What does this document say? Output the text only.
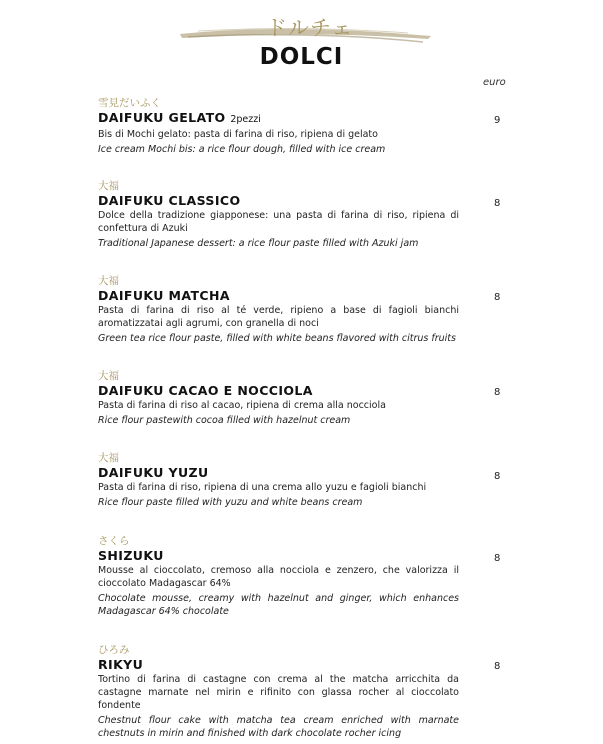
ドルチェ
DOLCI
euro
雪見だいふく
DAIFUKU GELATO 2pezzi
Bis di Mochi gelato: pasta di farina di riso, ripiena di gelato
Ice cream Mochi bis: a rice flour dough, filled with ice cream
9
大福
DAIFUKU CLASSICO
Dolce della tradizione giapponese: una pasta di farina di riso, ripiena di confettura di Azuki
Traditional Japanese dessert: a rice flour paste filled with Azuki jam
8
大福
DAIFUKU MATCHA
Pasta di farina di riso al té verde, ripieno a base di fagioli bianchi aromatizzatai agli agrumi, con granella di noci
Green tea rice flour paste, filled with white beans flavored with citrus fruits
8
大福
DAIFUKU CACAO E NOCCIOLA
Pasta di farina di riso al cacao, ripiena di crema alla nocciola
Rice flour pastewith cocoa filled with hazelnut cream
8
大福
DAIFUKU YUZU
Pasta di farina di riso, ripiena di una crema allo yuzu e fagioli bianchi
Rice flour paste filled with yuzu and white beans cream
8
さくら
SHIZUKU
Mousse al cioccolato, cremoso alla nocciola e zenzero, che valorizza il cioccolato Madagascar 64%
Chocolate mousse, creamy with hazelnut and ginger, which enhances Madagascar 64% chocolate
8
ひろみ
RIKYU
Tortino di farina di castagne con crema al the matcha arricchita da castagne marnate nel mirin e rifinito con glassa rocher al cioccolato fondente
Chestnut flour cake with matcha tea cream enriched with marnate chestnuts in mirin and finished with dark chocolate rocher icing
8
